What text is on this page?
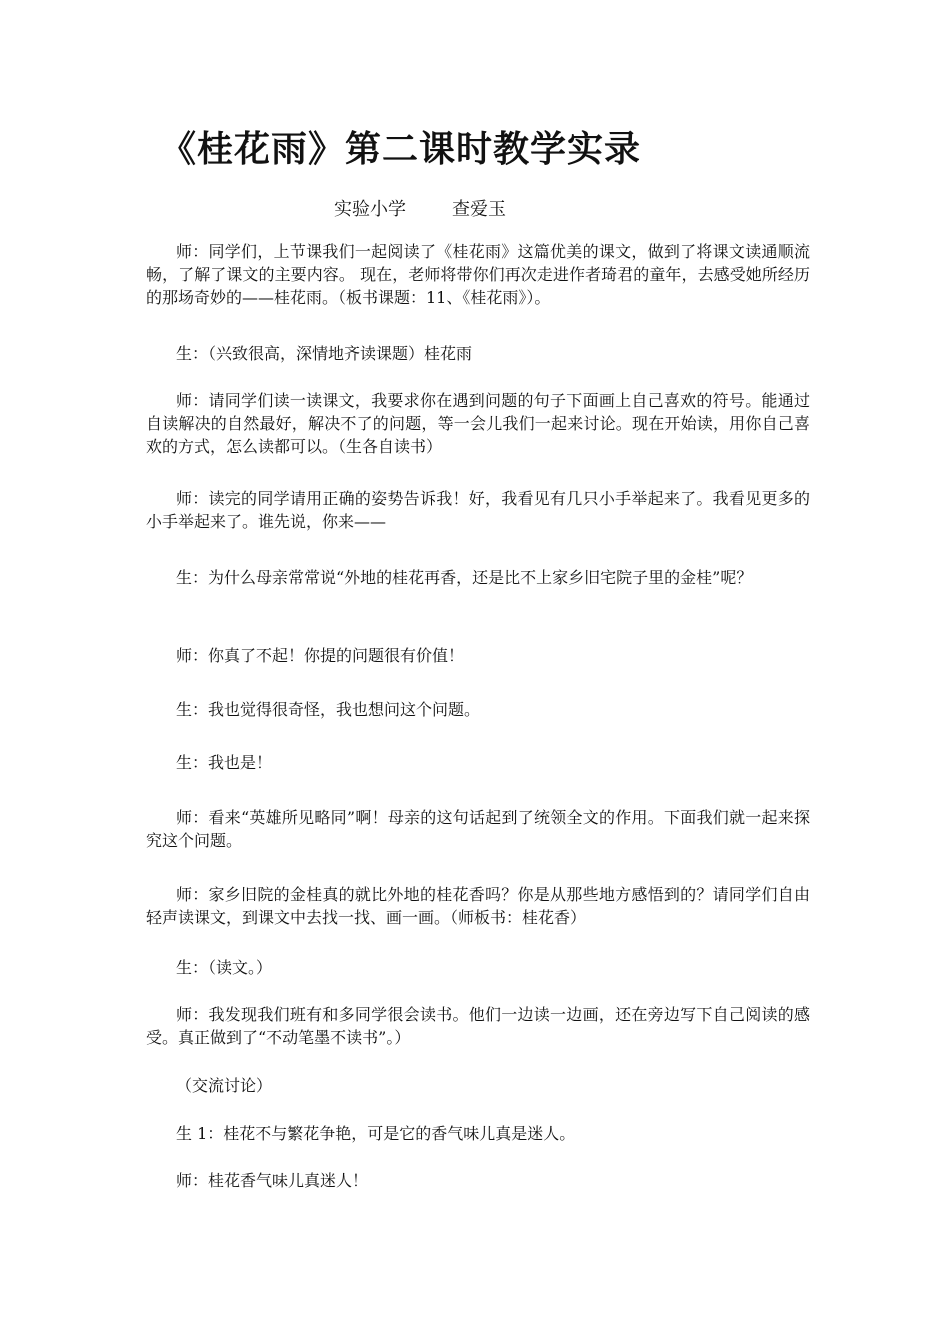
《桂花雨》第二课时教学实录
实验小学	查爱玉

师：同学们，上节课我们一起阅读了《桂花雨》这篇优美的课文，做到了将课文读通顺流畅，了解了课文的主要内容。 现在，老师将带你们再次走进作者琦君的童年，去感受她所经历的那场奇妙的——桂花雨。（板书课题：11、《桂花雨》）。

生：（兴致很高，深情地齐读课题）桂花雨

师：请同学们读一读课文，我要求你在遇到问题的句子下面画上自己喜欢的符号。能通过自读解决的自然最好，解决不了的问题，等一会儿我们一起来讨论。现在开始读，用你自己喜欢的方式，怎么读都可以。（生各自读书）

师：读完的同学请用正确的姿势告诉我！好，我看见有几只小手举起来了。我看见更多的小手举起来了。谁先说，你来——

生：为什么母亲常常说“外地的桂花再香，还是比不上家乡旧宅院子里的金桂”呢？

师：你真了不起！你提的问题很有价值！

生：我也觉得很奇怪，我也想问这个问题。

生：我也是！

师：看来“英雄所见略同”啊！母亲的这句话起到了统领全文的作用。下面我们就一起来探究这个问题。

师：家乡旧院的金桂真的就比外地的桂花香吗？你是从那些地方感悟到的？请同学们自由轻声读课文，到课文中去找一找、画一画。（师板书：桂花香）

生：（读文。）

师：我发现我们班有和多同学很会读书。他们一边读一边画，还在旁边写下自己阅读的感受。真正做到了“不动笔墨不读书”。）

（交流讨论）

生 1：桂花不与繁花争艳，可是它的香气味儿真是迷人。

师：桂花香气味儿真迷人！
